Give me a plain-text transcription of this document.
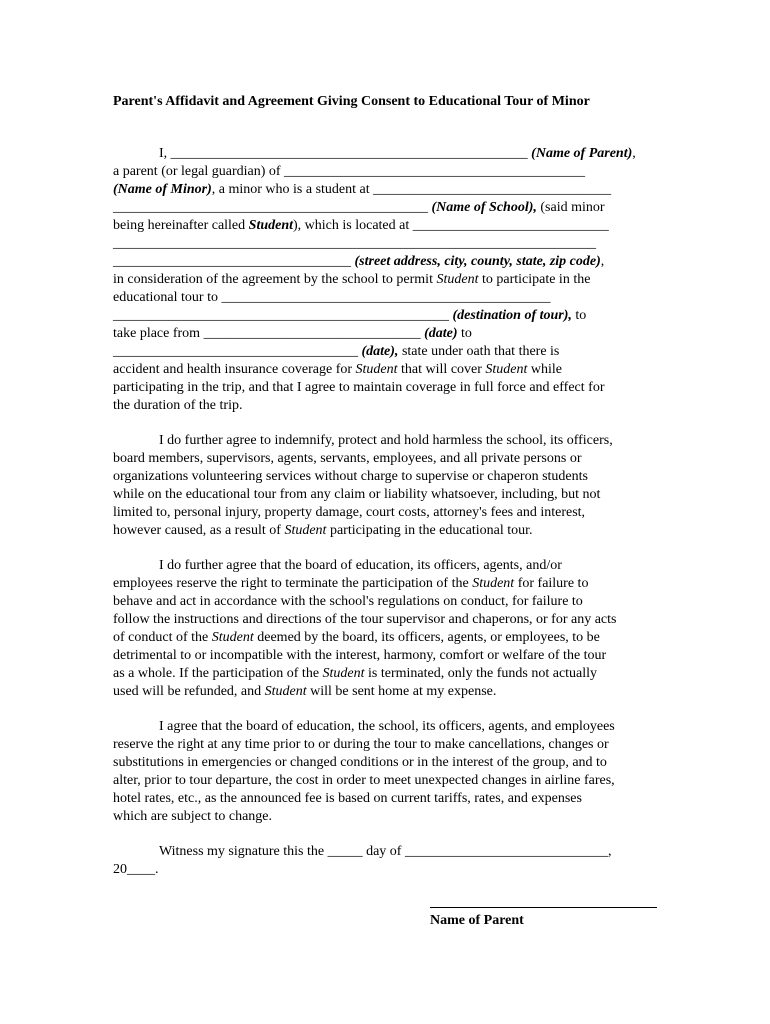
Parent's Affidavit and Agreement Giving Consent to Educational Tour of Minor
I, ___________________________________________________ (Name of Parent),
a parent (or legal guardian) of ___________________________________________
(Name of Minor), a minor who is a student at __________________________________
_____________________________________________ (Name of School), (said minor
being hereinafter called Student), which is located at ____________________________
_____________________________________________________________________
__________________________________ (street address, city, county, state, zip code),
in consideration of the agreement by the school to permit Student to participate in the
educational tour to _______________________________________________
________________________________________________ (destination of tour), to
take place from _______________________________ (date) to
___________________________________ (date), state under oath that there is
accident and health insurance coverage for Student that will cover Student while
participating in the trip, and that I agree to maintain coverage in full force and effect for
the duration of the trip.
I do further agree to indemnify, protect and hold harmless the school, its officers,
board members, supervisors, agents, servants, employees, and all private persons or
organizations volunteering services without charge to supervise or chaperon students
while on the educational tour from any claim or liability whatsoever, including, but not
limited to, personal injury, property damage, court costs, attorney's fees and interest,
however caused, as a result of Student participating in the educational tour.
I do further agree that the board of education, its officers, agents, and/or
employees reserve the right to terminate the participation of the Student for failure to
behave and act in accordance with the school's regulations on conduct, for failure to
follow the instructions and directions of the tour supervisor and chaperons, or for any acts
of conduct of the Student deemed by the board, its officers, agents, or employees, to be
detrimental to or incompatible with the interest, harmony, comfort or welfare of the tour
as a whole. If the participation of the Student is terminated, only the funds not actually
used will be refunded, and Student will be sent home at my expense.
I agree that the board of education, the school, its officers, agents, and employees
reserve the right at any time prior to or during the tour to make cancellations, changes or
substitutions in emergencies or changed conditions or in the interest of the group, and to
alter, prior to tour departure, the cost in order to meet unexpected changes in airline fares,
hotel rates, etc., as the announced fee is based on current tariffs, rates, and expenses
which are subject to change.
Witness my signature this the _____ day of _____________________________,
20____.
Name of Parent
